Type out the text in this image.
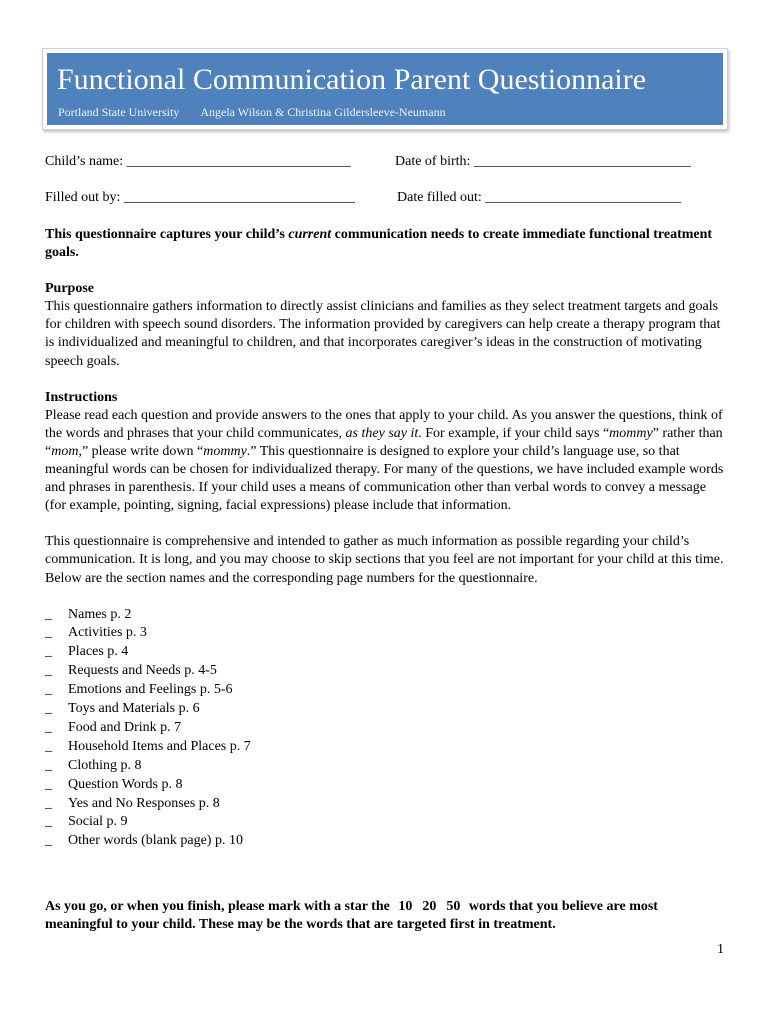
Functional Communication Parent Questionnaire
Portland State University Angela Wilson & Christina Gildersleeve-Neumann
Child’s name: ________________________________	Date of birth: _______________________________
Filled out by: _________________________________	Date filled out: ____________________________

This questionnaire captures your child’s current communication needs to create immediate functional treatment goals.

Purpose

This questionnaire gathers information to directly assist clinicians and families as they select treatment targets and goals for children with speech sound disorders. The information provided by caregivers can help create a therapy program that is individualized and meaningful to children, and that incorporates caregiver’s ideas in the construction of motivating speech goals.

Instructions

Please read each question and provide answers to the ones that apply to your child. As you answer the questions, think of the words and phrases that your child communicates, as they say it. For example, if your child says “mommy” rather than “mom,” please write down “mommy.” This questionnaire is designed to explore your child’s language use, so that meaningful words can be chosen for individualized therapy. For many of the questions, we have included example words and phrases in parenthesis. If your child uses a means of communication other than verbal words to convey a message (for example, pointing, signing, facial expressions) please include that information.

This questionnaire is comprehensive and intended to gather as much information as possible regarding your child’s communication. It is long, and you may choose to skip sections that you feel are not important for your child at this time. Below are the section names and the corresponding page numbers for the questionnaire.

_ Names p. 2
_ Activities p. 3
_ Places p. 4
_ Requests and Needs p. 4-5
_ Emotions and Feelings p. 5-6
_ Toys and Materials p. 6
_ Food and Drink p. 7
_ Household Items and Places p. 7
_ Clothing p. 8
_ Question Words p. 8
_ Yes and No Responses p. 8
_ Social p. 9
_ Other words (blank page) p. 10
As you go, or when you finish, please mark with a star the 10 20 50 words that you believe are most meaningful to your child. These may be the words that are targeted first in treatment.
1
